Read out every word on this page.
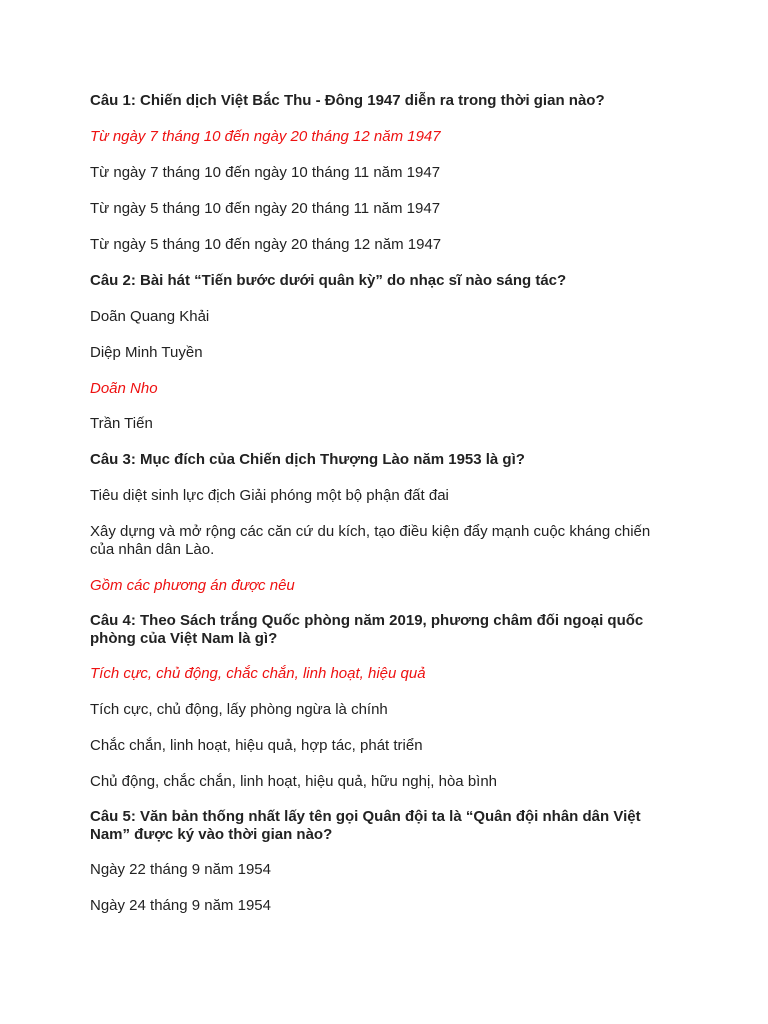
Câu 1: Chiến dịch Việt Bắc Thu - Đông 1947 diễn ra trong thời gian nào?

Từ ngày 7 tháng 10 đến ngày 20 tháng 12 năm 1947

Từ ngày 7 tháng 10 đến ngày 10 tháng 11 năm 1947

Từ ngày 5 tháng 10 đến ngày 20 tháng 11 năm 1947

Từ ngày 5 tháng 10 đến ngày 20 tháng 12 năm 1947

Câu 2: Bài hát “Tiến bước dưới quân kỳ” do nhạc sĩ nào sáng tác?

Doãn Quang Khải

Diệp Minh Tuyền

Doãn Nho

Trần Tiến

Câu 3: Mục đích của Chiến dịch Thượng Lào năm 1953 là gì?

Tiêu diệt sinh lực địch Giải phóng một bộ phận đất đai

Xây dựng và mở rộng các căn cứ du kích, tạo điều kiện đẩy mạnh cuộc kháng chiến của nhân dân Lào.

Gồm các phương án được nêu

Câu 4: Theo Sách trắng Quốc phòng năm 2019, phương châm đối ngoại quốc phòng của Việt Nam là gì?

Tích cực, chủ động, chắc chắn, linh hoạt, hiệu quả

Tích cực, chủ động, lấy phòng ngừa là chính

Chắc chắn, linh hoạt, hiệu quả, hợp tác, phát triển

Chủ động, chắc chắn, linh hoạt, hiệu quả, hữu nghị, hòa bình

Câu 5: Văn bản thống nhất lấy tên gọi Quân đội ta là “Quân đội nhân dân Việt Nam” được ký vào thời gian nào?

Ngày 22 tháng 9 năm 1954

Ngày 24 tháng 9 năm 1954
